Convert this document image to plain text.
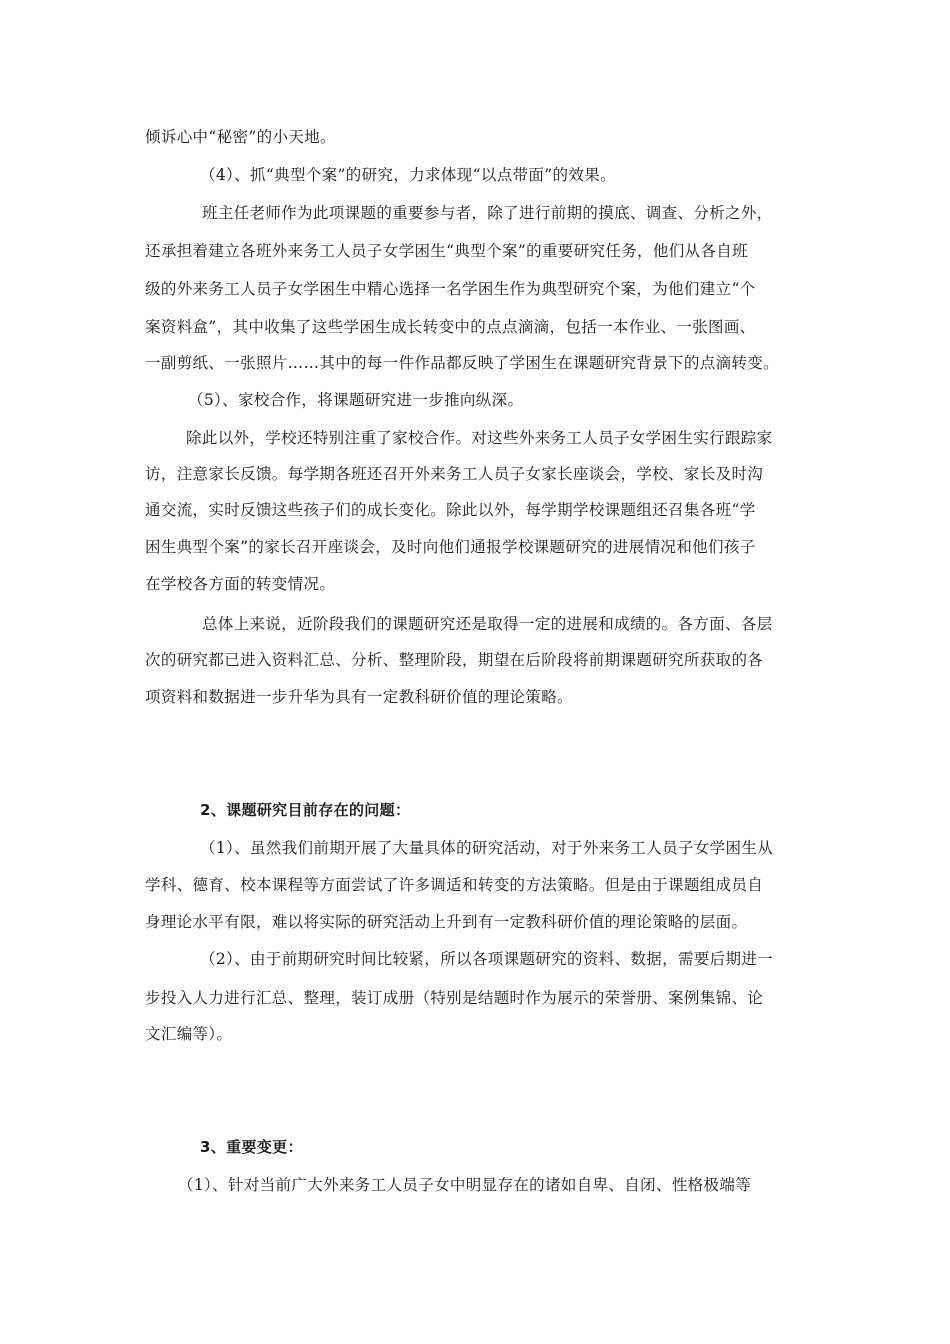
倾诉心中“秘密”的小天地。
（4）、抓“典型个案”的研究，力求体现“以点带面”的效果。
班主任老师作为此项课题的重要参与者，除了进行前期的摸底、调查、分析之外，
还承担着建立各班外来务工人员子女学困生“典型个案”的重要研究任务，他们从各自班
级的外来务工人员子女学困生中精心选择一名学困生作为典型研究个案，为他们建立“个
案资料盒”，其中收集了这些学困生成长转变中的点点滴滴，包括一本作业、一张图画、
一副剪纸、一张照片……其中的每一件作品都反映了学困生在课题研究背景下的点滴转变。
（5）、家校合作，将课题研究进一步推向纵深。
除此以外，学校还特别注重了家校合作。对这些外来务工人员子女学困生实行跟踪家
访，注意家长反馈。每学期各班还召开外来务工人员子女家长座谈会，学校、家长及时沟
通交流，实时反馈这些孩子们的成长变化。除此以外，每学期学校课题组还召集各班“学
困生典型个案”的家长召开座谈会，及时向他们通报学校课题研究的进展情况和他们孩子
在学校各方面的转变情况。
总体上来说，近阶段我们的课题研究还是取得一定的进展和成绩的。各方面、各层
次的研究都已进入资料汇总、分析、整理阶段，期望在后阶段将前期课题研究所获取的各
项资料和数据进一步升华为具有一定教科研价值的理论策略。
2、课题研究目前存在的问题：
（1）、虽然我们前期开展了大量具体的研究活动，对于外来务工人员子女学困生从
学科、德育、校本课程等方面尝试了许多调适和转变的方法策略。但是由于课题组成员自
身理论水平有限，难以将实际的研究活动上升到有一定教科研价值的理论策略的层面。
（2）、由于前期研究时间比较紧，所以各项课题研究的资料、数据，需要后期进一
步投入人力进行汇总、整理，装订成册（特别是结题时作为展示的荣誉册、案例集锦、论
文汇编等）。
3、重要变更：
（1）、针对当前广大外来务工人员子女中明显存在的诸如自卑、自闭、性格极端等
